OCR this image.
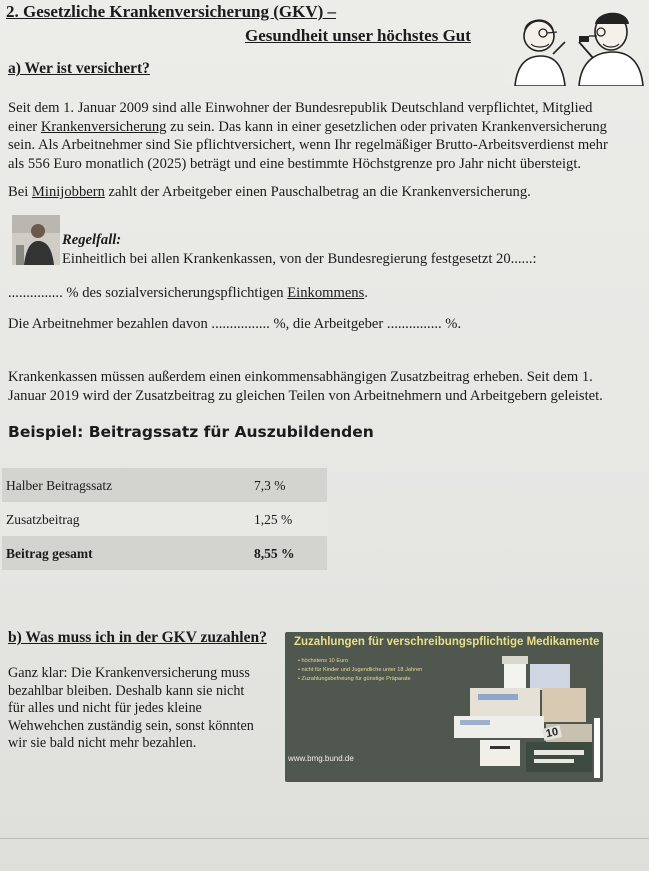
2. Gesetzliche Krankenversicherung (GKV) –
Gesundheit unser höchstes Gut
a) Wer ist versichert?
Seit dem 1. Januar 2009 sind alle Einwohner der Bundesrepublik Deutschland verpflichtet, Mitglied
einer Krankenversicherung zu sein. Das kann in einer gesetzlichen oder privaten Krankenversicherung
sein. Als Arbeitnehmer sind Sie pflichtversichert, wenn Ihr regelmäßiger Brutto-Arbeitsverdienst mehr
als 556 Euro monatlich (2025) beträgt und eine bestimmte Höchstgrenze pro Jahr nicht übersteigt.
Bei Minijobbern zahlt der Arbeitgeber einen Pauschalbetrag an die Krankenversicherung.
Regelfall:
Einheitlich bei allen Krankenkassen, von der Bundesregierung festgesetzt 20......:
............... % des sozialversicherungspflichtigen Einkommens.
Die Arbeitnehmer bezahlen davon ................ %, die Arbeitgeber ............... %.
Krankenkassen müssen außerdem einen einkommensabhängigen Zusatzbeitrag erheben. Seit dem 1.
Januar 2019 wird der Zusatzbeitrag zu gleichen Teilen von Arbeitnehmern und Arbeitgebern geleistet.
Beispiel: Beitragssatz für Auszubildenden
Halber Beitragssatz	7,3 %
Zusatzbeitrag	1,25 %
Beitrag gesamt	8,55 %
b) Was muss ich in der GKV zuzahlen?
Ganz klar: Die Krankenversicherung muss
bezahlbar bleiben. Deshalb kann sie nicht
für alles und nicht für jedes kleine
Wehwehchen zuständig sein, sonst könnten
wir sie bald nicht mehr bezahlen.
Zuzahlungen für verschreibungspflichtige Medikamente
• höchstens 10 Euro
• nicht für Kinder und Jugendliche unter 18 Jahren
• Zuzahlungsbefreiung für günstige Präparate
10
www.bmg.bund.de
